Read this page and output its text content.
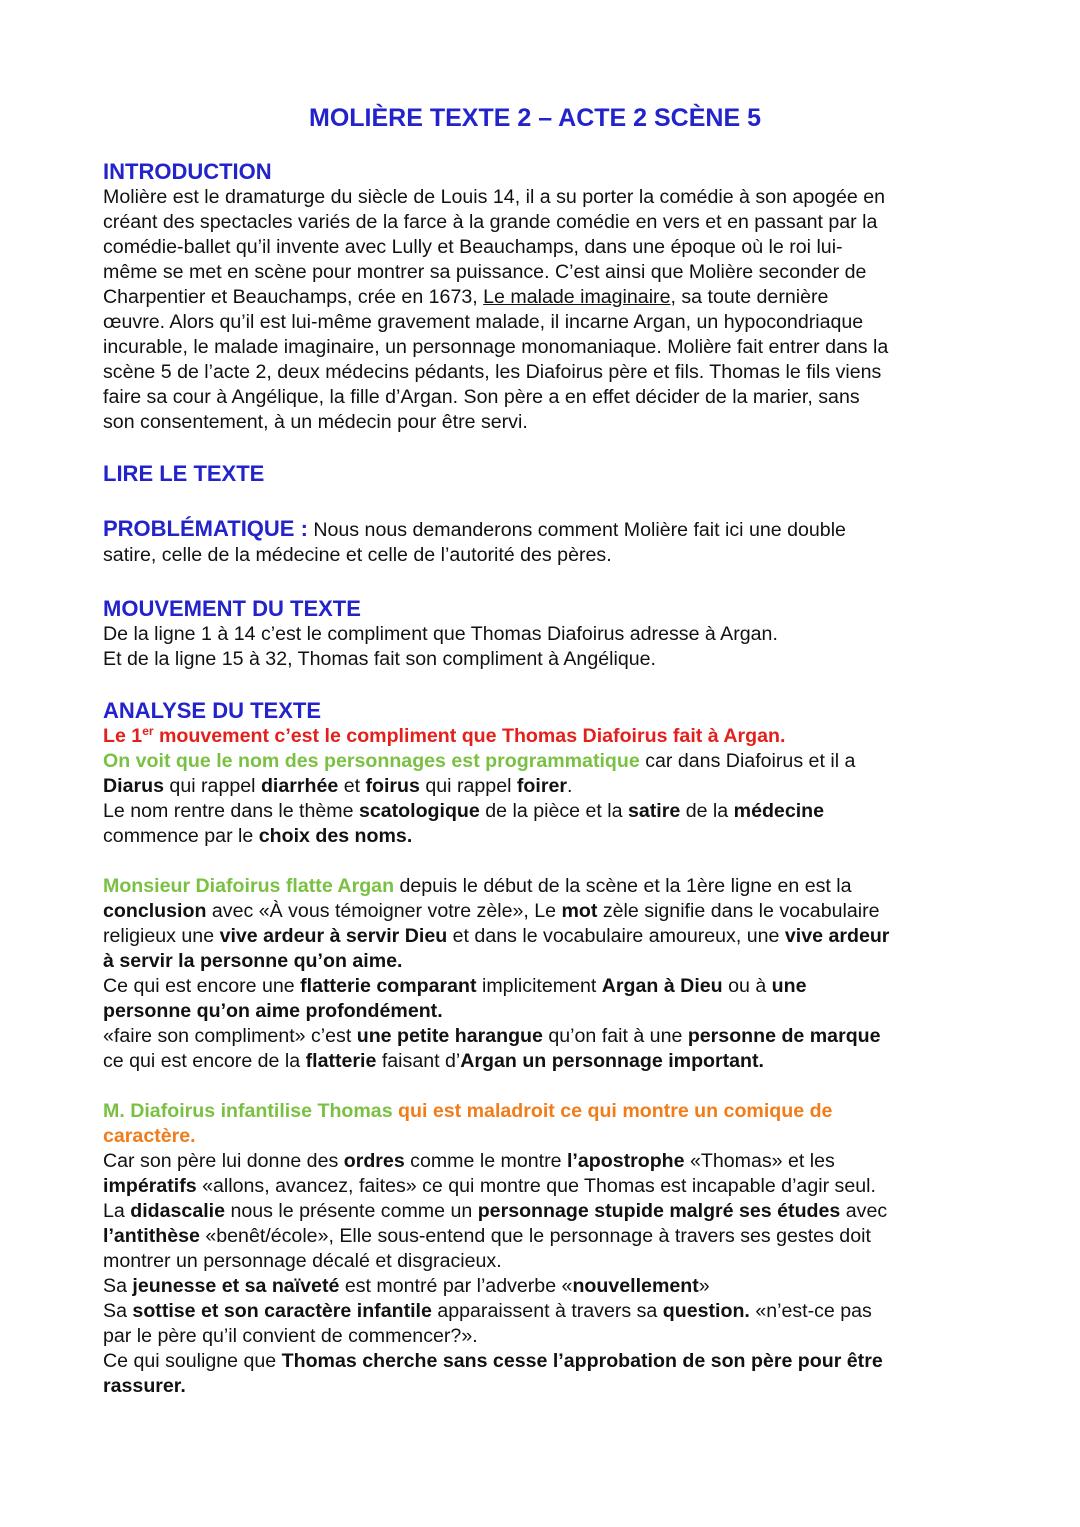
MOLIÈRE TEXTE 2 – ACTE 2 SCÈNE 5
INTRODUCTION

Molière est le dramaturge du siècle de Louis 14, il a su porter la comédie à son apogée en

créant des spectacles variés de la farce à la grande comédie en vers et en passant par la

comédie-ballet qu’il invente avec Lully et Beauchamps, dans une époque où le roi lui-

même se met en scène pour montrer sa puissance. C’est ainsi que Molière seconder de

Charpentier et Beauchamps, crée en 1673, Le malade imaginaire, sa toute dernière

œuvre. Alors qu’il est lui-même gravement malade, il incarne Argan, un hypocondriaque

incurable, le malade imaginaire, un personnage monomaniaque. Molière fait entrer dans la

scène 5 de l’acte 2, deux médecins pédants, les Diafoirus père et fils. Thomas le fils viens

faire sa cour à Angélique, la fille d’Argan. Son père a en effet décider de la marier, sans

son consentement, à un médecin pour être servi.

LIRE LE TEXTE

PROBLÉMATIQUE : Nous nous demanderons comment Molière fait ici une double

satire, celle de la médecine et celle de l’autorité des pères.

MOUVEMENT DU TEXTE

De la ligne 1 à 14 c’est le compliment que Thomas Diafoirus adresse à Argan.

Et de la ligne 15 à 32, Thomas fait son compliment à Angélique.

ANALYSE DU TEXTE

Le 1er mouvement c’est le compliment que Thomas Diafoirus fait à Argan.

On voit que le nom des personnages est programmatique car dans Diafoirus et il a

Diarus qui rappel diarrhée et foirus qui rappel foirer.

Le nom rentre dans le thème scatologique de la pièce et la satire de la médecine

commence par le choix des noms.

Monsieur Diafoirus flatte Argan depuis le début de la scène et la 1ère ligne en est la

conclusion avec «À vous témoigner votre zèle», Le mot zèle signifie dans le vocabulaire

religieux une vive ardeur à servir Dieu et dans le vocabulaire amoureux, une vive ardeur

à servir la personne qu’on aime.

Ce qui est encore une flatterie comparant implicitement Argan à Dieu ou à une

personne qu’on aime profondément.

«faire son compliment» c’est une petite harangue qu’on fait à une personne de marque

ce qui est encore de la flatterie faisant d’Argan un personnage important.

M. Diafoirus infantilise Thomas qui est maladroit ce qui montre un comique de

caractère.

Car son père lui donne des ordres comme le montre l’apostrophe «Thomas» et les

impératifs «allons, avancez, faites» ce qui montre que Thomas est incapable d’agir seul.

La didascalie nous le présente comme un personnage stupide malgré ses études avec

l’antithèse «benêt/école», Elle sous-entend que le personnage à travers ses gestes doit

montrer un personnage décalé et disgracieux.

Sa jeunesse et sa naïveté est montré par l’adverbe «nouvellement»

Sa sottise et son caractère infantile apparaissent à travers sa question. «n’est-ce pas

par le père qu’il convient de commencer?».

Ce qui souligne que Thomas cherche sans cesse l’approbation de son père pour être

rassurer.
